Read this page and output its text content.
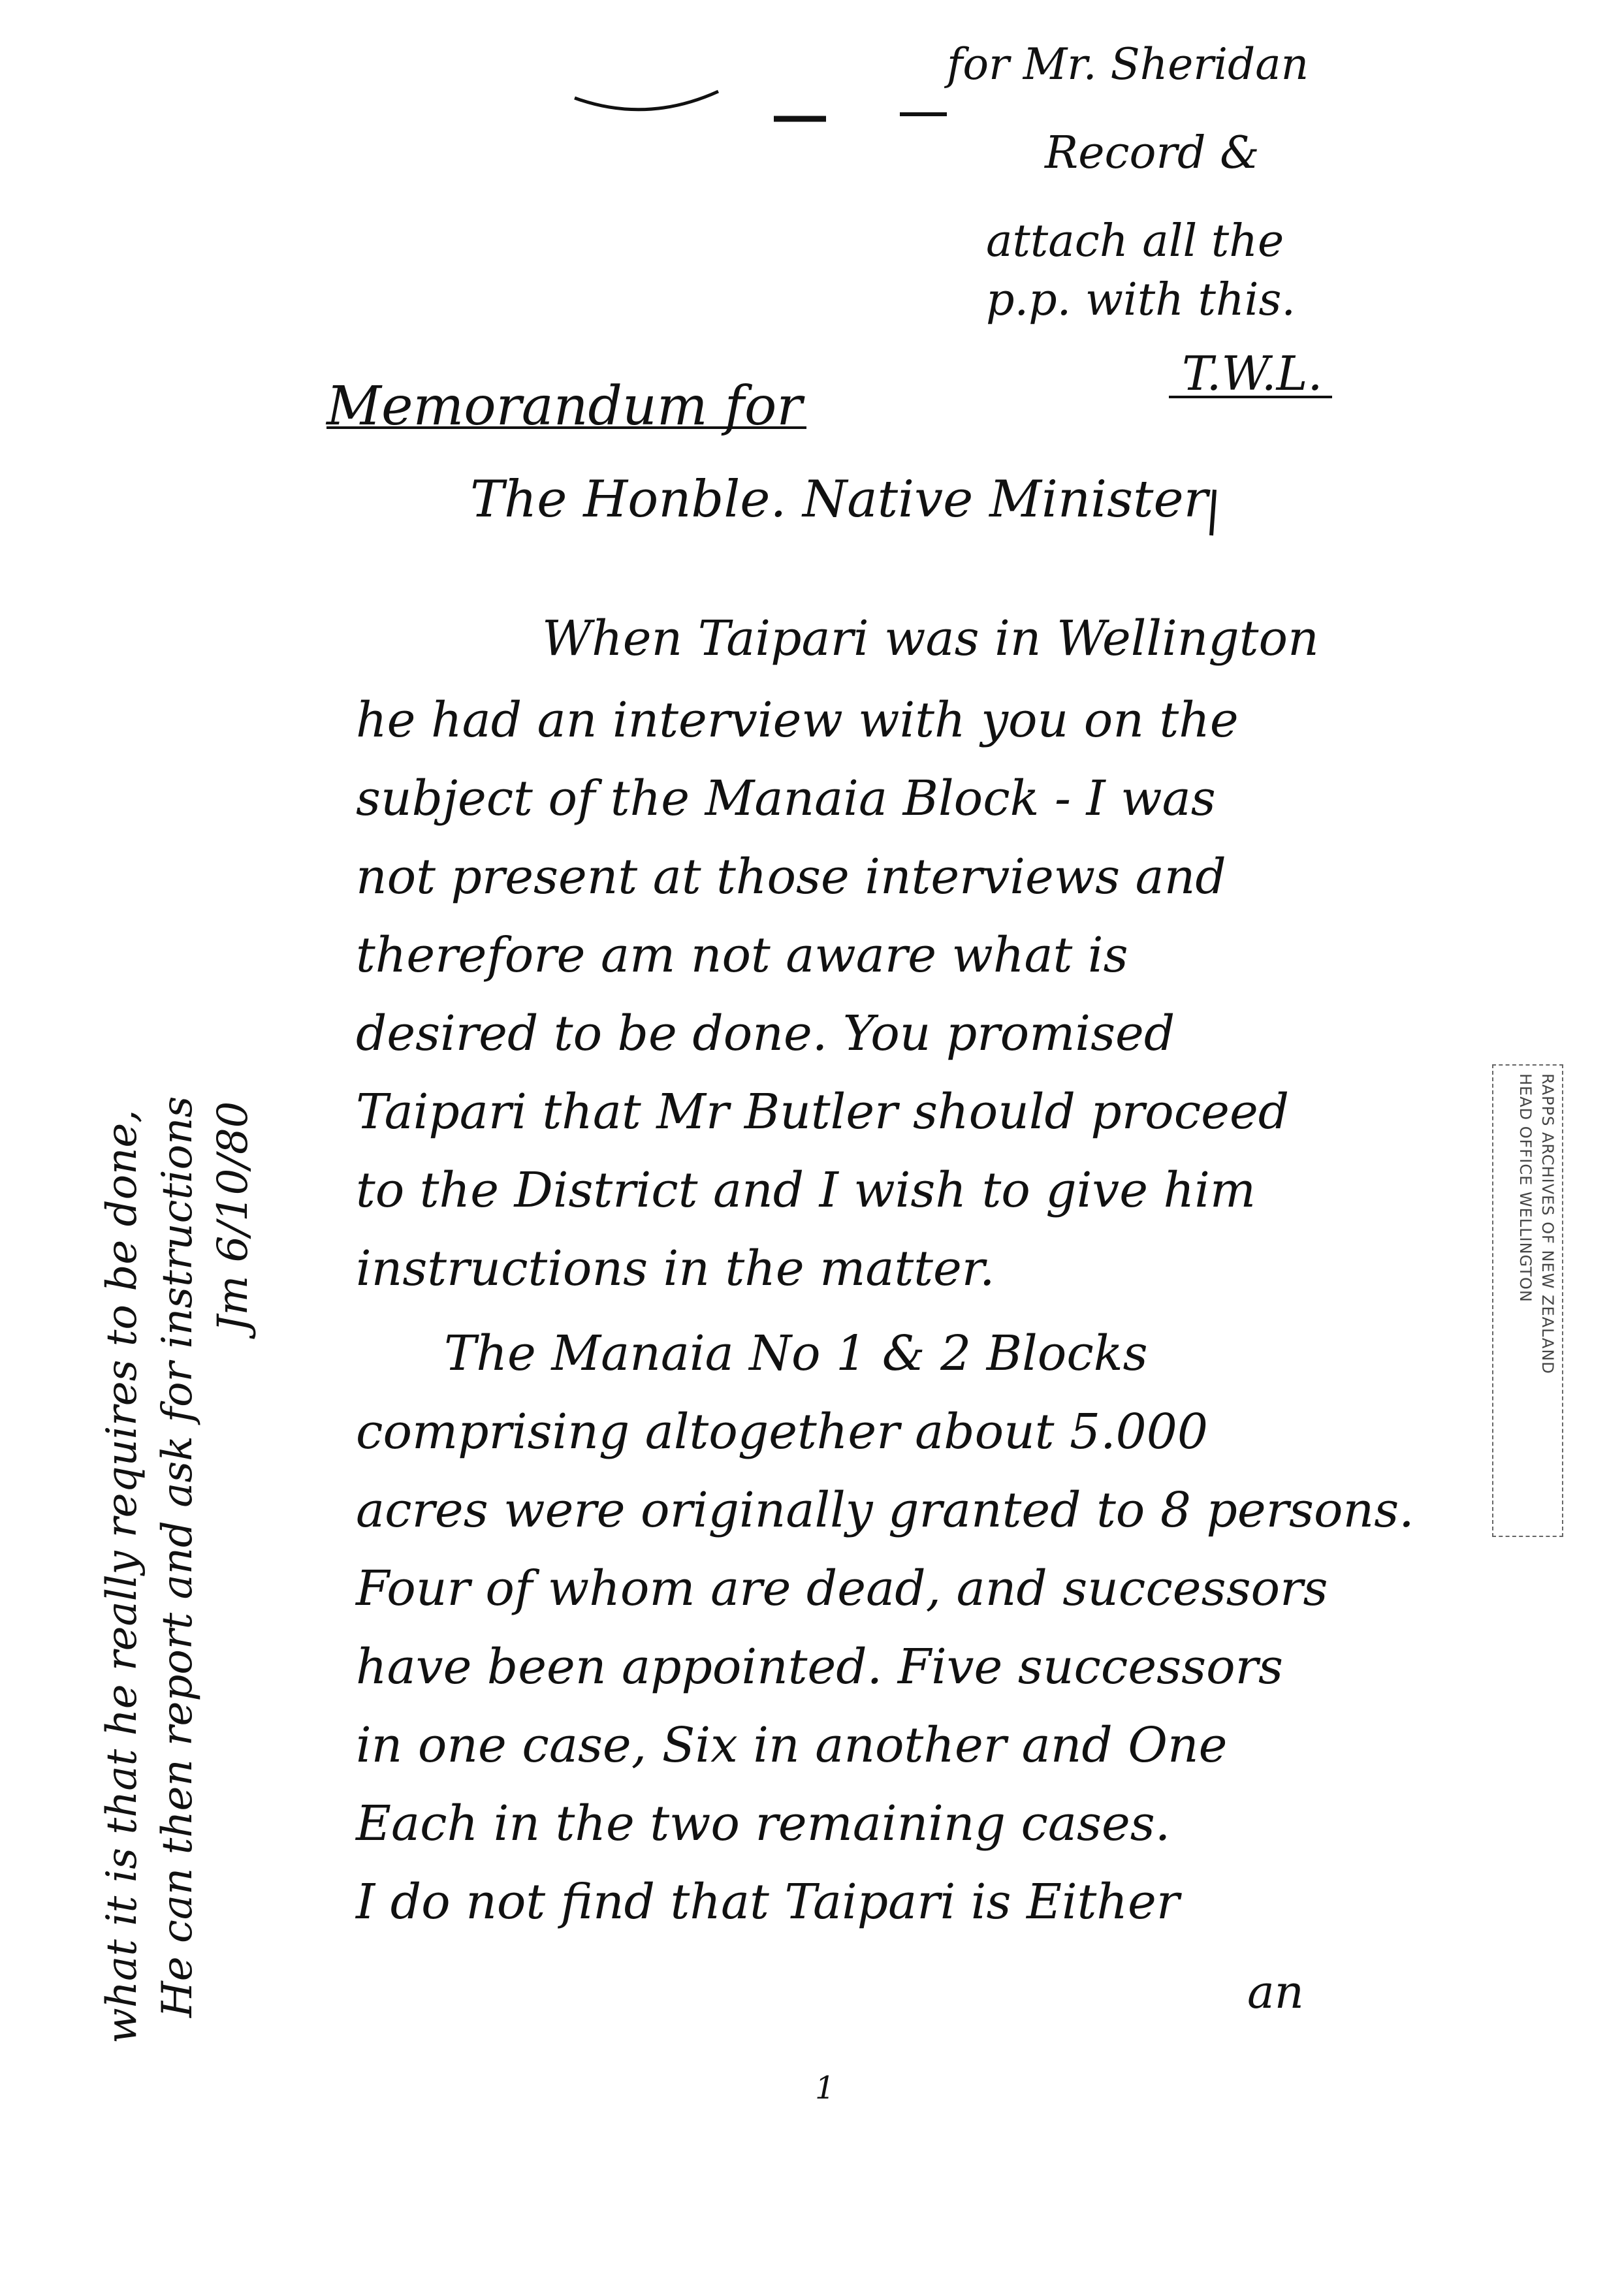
for Mr. Sheridan
Record &
attach all the
p.p. with this.
T.W.L.
Memorandum for
The Honble. Native Minister
When Taipari was in Wellington
he had an interview with you on the
subject of the Manaia Block - I was
not present at those interviews and
therefore am not aware what is
desired to be done. You promised
Taipari that Mr Butler should proceed
to the District and I wish to give him
instructions in the matter.
The Manaia No 1 & 2 Blocks
comprising altogether about 5.000
acres were originally granted to 8 persons.
Four of whom are dead, and successors
have been appointed. Five successors
in one case, Six in another and One
Each in the two remaining cases.
I do not find that Taipari is Either
an
what it is that he really requires to be done, He can then report and ask for instructions Jm 6/10/80	RAPPS ARCHIVES OF NEW ZEALAND
HEAD OFFICE WELLINGTON
1
